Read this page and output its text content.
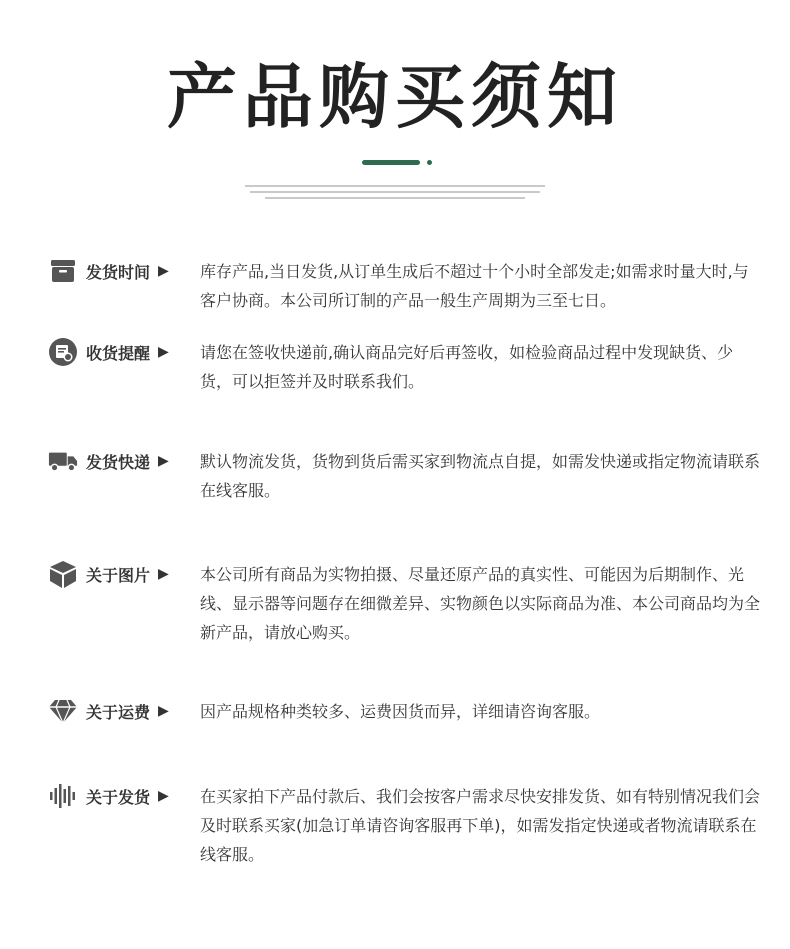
产品购买须知
发货时间 ▶ 库存产品,当日发货,从订单生成后不超过十个小时全部发走;如需求时量大时,与客户协商。本公司所订制的产品一般生产周期为三至七日。
收货提醒 ▶ 请您在签收快递前,确认商品完好后再签收，如检验商品过程中发现缺货、少货，可以拒签并及时联系我们。
发货快递 ▶ 默认物流发货，货物到货后需买家到物流点自提，如需发快递或指定物流请联系在线客服。
关于图片 ▶ 本公司所有商品为实物拍摄、尽量还原产品的真实性、可能因为后期制作、光线、显示器等问题存在细微差异、实物颜色以实际商品为准、本公司商品均为全新产品，请放心购买。
关于运费 ▶ 因产品规格种类较多、运费因货而异，详细请咨询客服。
关于发货 ▶ 在买家拍下产品付款后、我们会按客户需求尽快安排发货、如有特别情况我们会及时联系买家(加急订单请咨询客服再下单)，如需发指定快递或者物流请联系在线客服。
